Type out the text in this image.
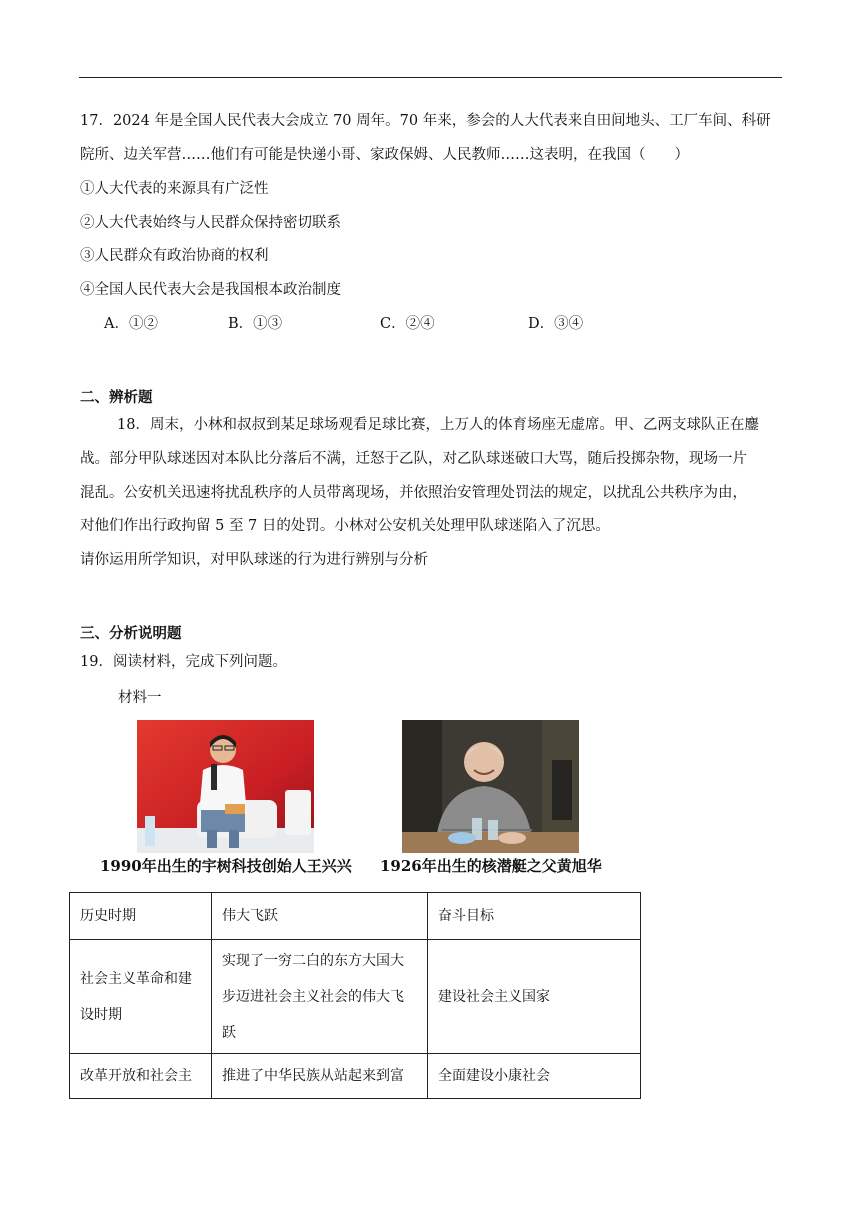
17．2024 年是全国人民代表大会成立 70 周年。70 年来，参会的人大代表来自田间地头、工厂车间、科研
院所、边关军营……他们有可能是快递小哥、家政保姆、人民教师……这表明，在我国（　　）
①人大代表的来源具有广泛性
②人大代表始终与人民群众保持密切联系
③人民群众有政治协商的权利
④全国人民代表大会是我国根本政治制度
A．①②	B．①③	C．②④	D．③④
二、辨析题
18．周末，小林和叔叔到某足球场观看足球比赛，上万人的体育场座无虚席。甲、乙两支球队正在鏖
战。部分甲队球迷因对本队比分落后不满，迁怒于乙队，对乙队球迷破口大骂，随后投掷杂物，现场一片
混乱。公安机关迅速将扰乱秩序的人员带离现场，并依照治安管理处罚法的规定，以扰乱公共秩序为由，
对他们作出行政拘留 5 至 7 日的处罚。小林对公安机关处理甲队球迷陷入了沉思。
请你运用所学知识，对甲队球迷的行为进行辨别与分析
三、分析说明题
19．阅读材料，完成下列问题。
材料一
1990年出生的宇树科技创始人王兴兴 1926年出生的核潜艇之父黄旭华
历史时期	伟大飞跃	奋斗目标
社会主义革命和建设时期	实现了一穷二白的东方大国大步迈进社会主义社会的伟大飞跃	建设社会主义国家
改革开放和社会主	推进了中华民族从站起来到富	全面建设小康社会
